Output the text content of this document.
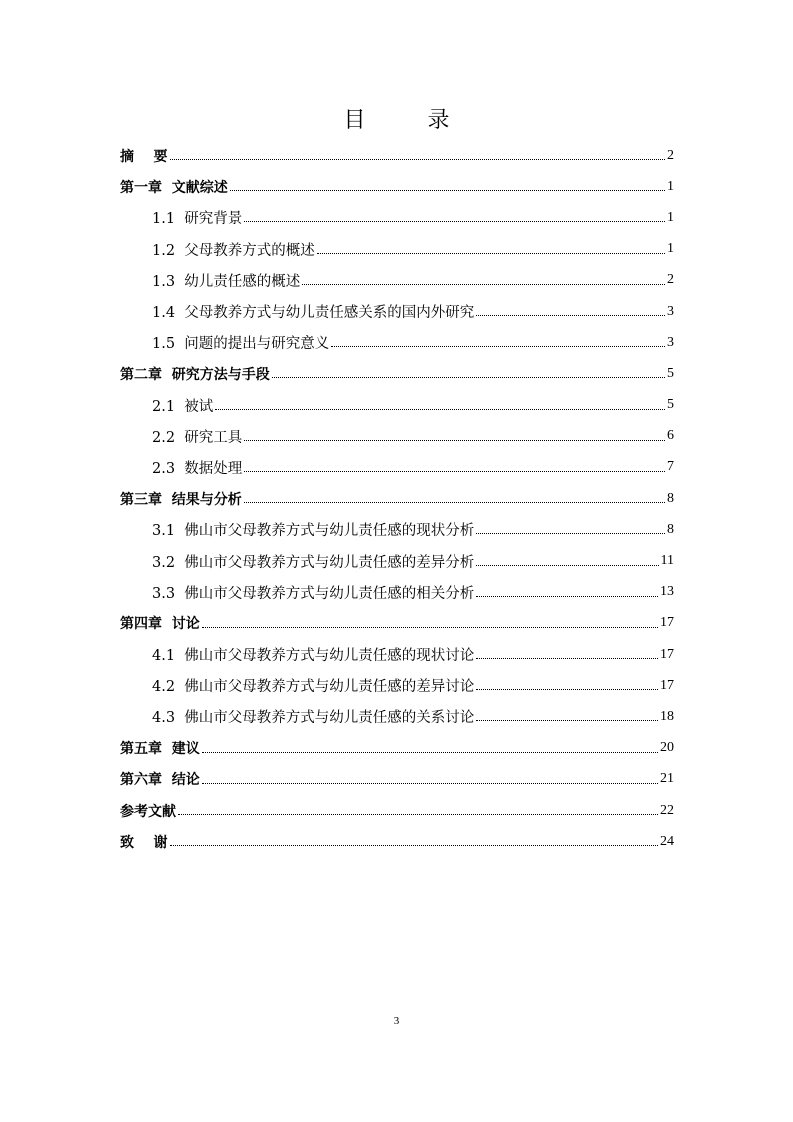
目  录
摘    要	2
第一章  文献综述	1
1.1  研究背景	1
1.2  父母教养方式的概述	1
1.3  幼儿责任感的概述	2
1.4  父母教养方式与幼儿责任感关系的国内外研究	3
1.5  问题的提出与研究意义	3
第二章  研究方法与手段	5
2.1  被试	5
2.2  研究工具	6
2.3  数据处理	7
第三章  结果与分析	8
3.1  佛山市父母教养方式与幼儿责任感的现状分析	8
3.2  佛山市父母教养方式与幼儿责任感的差异分析	11
3.3  佛山市父母教养方式与幼儿责任感的相关分析	13
第四章  讨论	17
4.1  佛山市父母教养方式与幼儿责任感的现状讨论	17
4.2  佛山市父母教养方式与幼儿责任感的差异讨论	17
4.3  佛山市父母教养方式与幼儿责任感的关系讨论	18
第五章  建议	20
第六章  结论	21
参考文献	22
致    谢	24
3
